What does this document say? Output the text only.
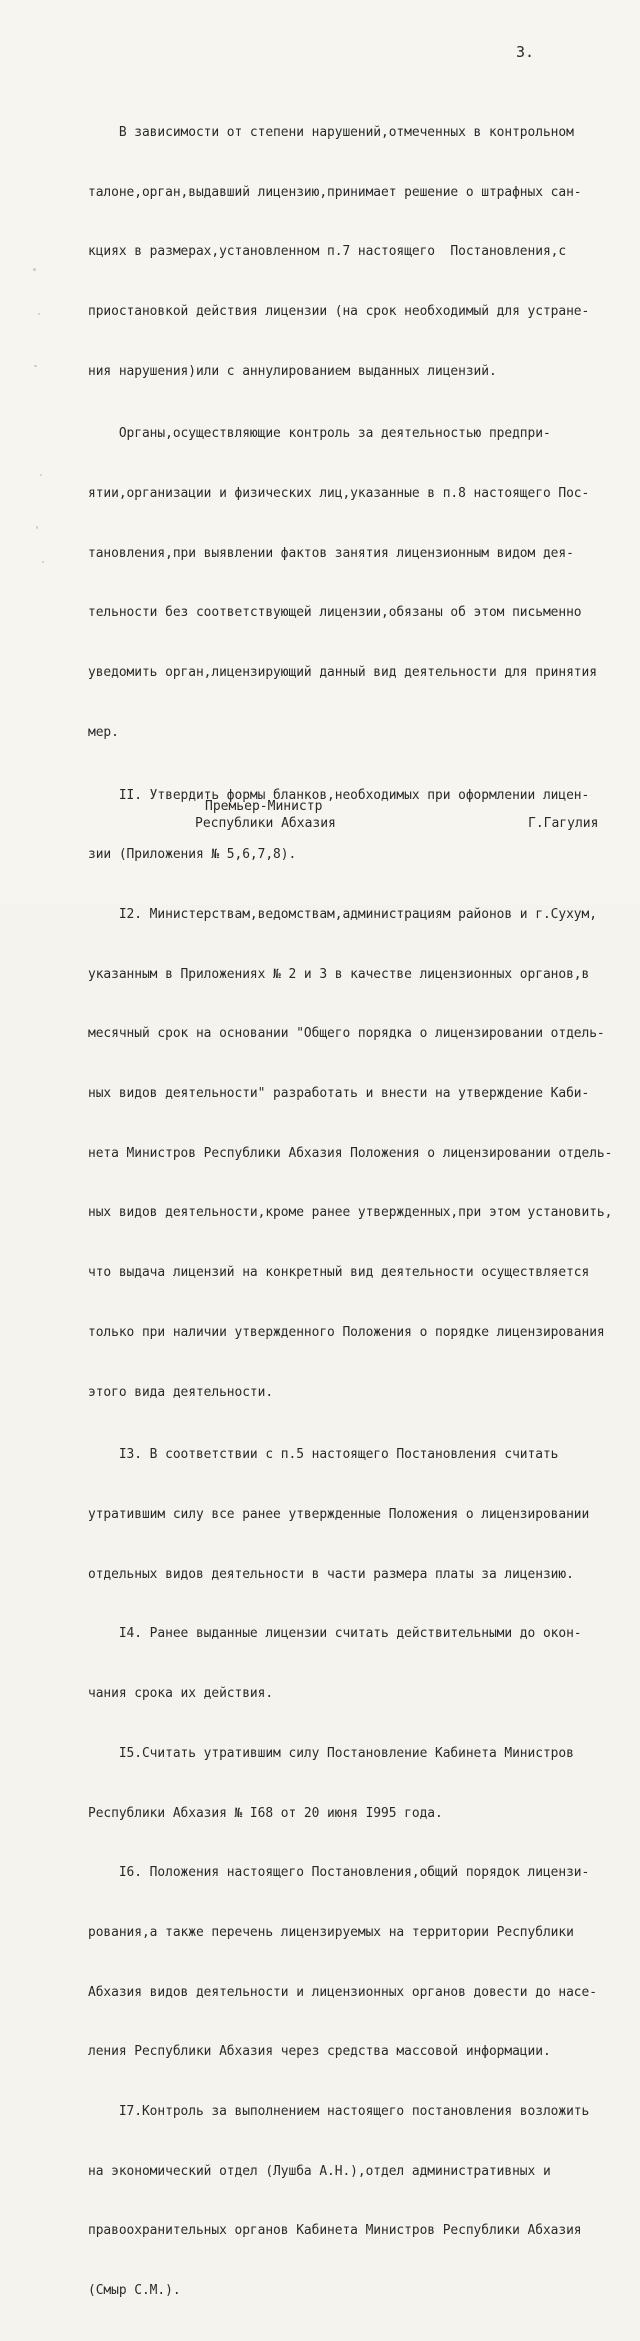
3.

В зависимости от степени нарушений,отмеченных в контрольном

талоне,орган,выдавший лицензию,принимает решение о штрафных сан-

кциях в размерах,установленном п.7 настоящего  Постановления,с

приостановкой действия лицензии (на срок необходимый для устране-

ния нарушения)или с аннулированием выданных лицензий.

Органы,осуществляющие контроль за деятельностью предпри-

ятии,организации и физических лиц,указанные в п.8 настоящего Пос-

тановления,при выявлении фактов занятия лицензионным видом дея-

тельности без соответствующей лицензии,обязаны об этом письменно

уведомить орган,лицензирующий данный вид деятельности для принятия

мер.

II. Утвердить формы бланков,необходимых при оформлении лицен-

зии (Приложения № 5,6,7,8).

I2. Министерствам,ведомствам,администрациям районов и г.Сухум,

указанным в Приложениях № 2 и 3 в качестве лицензионных органов,в

месячный срок на основании "Общего порядка о лицензировании отдель-

ных видов деятельности" разработать и внести на утверждение Каби-

нета Министров Республики Абхазия Положения о лицензировании отдель-

ных видов деятельности,кроме ранее утвержденных,при этом установить,

что выдача лицензий на конкретный вид деятельности осуществляется

только при наличии утвержденного Положения о порядке лицензирования

этого вида деятельности.

I3. В соответствии с п.5 настоящего Постановления считать

утратившим силу все ранее утвержденные Положения о лицензировании

отдельных видов деятельности в части размера платы за лицензию.

I4. Ранее выданные лицензии считать действительными до окон-

чания срока их действия.

I5.Считать утратившим силу Постановление Кабинета Министров

Республики Абхазия № I68 от 20 июня I995 года.

I6. Положения настоящего Постановления,общий порядок лицензи-

рования,а также перечень лицензируемых на территории Республики

Абхазия видов деятельности и лицензионных органов довести до насе-

ления Республики Абхазия через средства массовой информации.

I7.Контроль за выполнением настоящего постановления возложить

на экономический отдел (Лушба А.Н.),отдел административных и

правоохранительных органов Кабинета Министров Республики Абхазия

(Смыр С.М.).

Премьер-Министр
Республики Абхазия	Г.Гагулия
